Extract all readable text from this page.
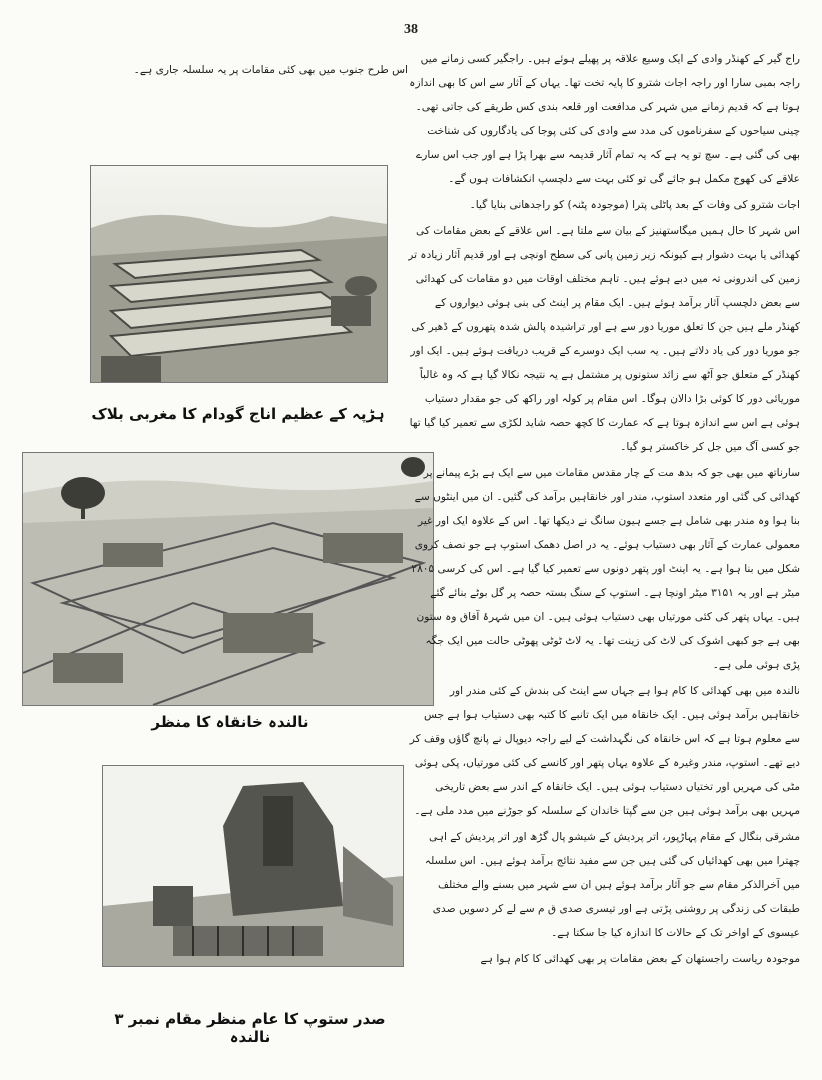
38

اس طرح جنوب میں بھی کئی مقامات پر یہ سلسلہ جاری ہے۔

ہڑپہ کے عظیم اناج گودام کا مغربی بلاک
نالندہ خانقاہ کا منظر
صدر ستوپ کا عام منظر مقام نمبر ۳ نالندہ

راج گیر کے کھنڈر وادی کے ایک وسیع علاقہ پر پھیلے ہوئے ہیں۔ راجگیر کسی زمانے میں راجہ بمبی سارا اور راجہ اجات شترو کا پایہ تخت تھا۔ یہاں کے آثار سے اس کا بھی اندازہ ہوتا ہے کہ قدیم زمانے میں شہر کی مدافعت اور قلعہ بندی کس طریقے کی جاتی تھی۔ چینی سیاحوں کے سفرناموں کی مدد سے وادی کی کئی پوجا کی یادگاروں کی شناخت بھی کی گئی ہے۔ سچ تو یہ ہے کہ یہ تمام آثار قدیمہ سے بھرا پڑا ہے اور جب اس سارے علاقے کی کھوج مکمل ہو جائے گی تو کئی بہت سے دلچسپ انکشافات ہوں گے۔

اجات شترو کی وفات کے بعد پاٹلی پترا (موجودہ پٹنہ) کو راجدھانی بنایا گیا۔

اس شہر کا حال ہمیں میگاستھنیز کے بیان سے ملتا ہے۔ اس علاقے کے بعض مقامات کی کھدائی یا بہت دشوار ہے کیونکہ زیر زمین پانی کی سطح اونچی ہے اور قدیم آثار زیادہ تر زمین کی اندرونی تہ میں دبے ہوئے ہیں۔ تاہم مختلف اوقات میں دو مقامات کی کھدائی سے بعض دلچسپ آثار برآمد ہوئے ہیں۔ ایک مقام پر اینٹ کی بنی ہوئی دیواروں کے کھنڈر ملے ہیں جن کا تعلق موریا دور سے ہے اور تراشیدہ پالش شدہ پتھروں کے ڈھیر کی جو موریا دور کی یاد دلاتے ہیں۔ یہ سب ایک دوسرے کے قریب دریافت ہوئے ہیں۔ ایک اور کھنڈر کے متعلق جو آٹھ سے زائد ستونوں پر مشتمل ہے یہ نتیجہ نکالا گیا ہے کہ وہ غالباً موریائی دور کا کوئی بڑا دالان ہوگا۔ اس مقام پر کولہ اور راکھ کی جو مقدار دستیاب ہوئی ہے اس سے اندازہ ہوتا ہے کہ عمارت کا کچھ حصہ شاید لکڑی سے تعمیر کیا گیا تھا جو کسی آگ میں جل کر خاکستر ہو گیا۔

سارناتھ میں بھی جو کہ بدھ مت کے چار مقدس مقامات میں سے ایک ہے بڑے پیمانے پر کھدائی کی گئی اور متعدد استوپ، مندر اور خانقاہیں برآمد کی گئیں۔ ان میں اینٹوں سے بنا ہوا وہ مندر بھی شامل ہے جسے ہیون سانگ نے دیکھا تھا۔ اس کے علاوہ ایک اور غیر معمولی عمارت کے آثار بھی دستیاب ہوئے۔ یہ در اصل دھمک استوپ ہے جو نصف کروی شکل میں بنا ہوا ہے۔ یہ اینٹ اور پتھر دونوں سے تعمیر کیا گیا ہے۔ اس کی کرسی ۲۸۰۵ میٹر ہے اور یہ ۳۱۵۱ میٹر اونچا ہے۔ استوپ کے سنگ بستہ حصہ پر گل بوٹے بنائے گئے ہیں۔ یہاں پتھر کی کئی مورتیاں بھی دستیاب ہوئی ہیں۔ ان میں شہرۂ آفاق وہ ستون بھی ہے جو کبھی اشوک کی لاٹ کی زینت تھا۔ یہ لاٹ ٹوٹی پھوٹی حالت میں ایک جگہ پڑی ہوئی ملی ہے۔

نالندہ میں بھی کھدائی کا کام ہوا ہے جہاں سے اینٹ کی بندش کے کئی مندر اور خانقاہیں برآمد ہوئی ہیں۔ ایک خانقاہ میں ایک تانبے کا کتبہ بھی دستیاب ہوا ہے جس سے معلوم ہوتا ہے کہ اس خانقاہ کی نگہداشت کے لیے راجہ دیوپال نے پانچ گاؤں وقف کر دیے تھے۔ استوپ، مندر وغیرہ کے علاوہ یہاں پتھر اور کانسے کی کئی مورتیاں، پکی ہوئی مٹی کی مہریں اور تختیاں دستیاب ہوئی ہیں۔ ایک خانقاہ کے اندر سے بعض تاریخی مہریں بھی برآمد ہوئی ہیں جن سے گپتا خاندان کے سلسلہ کو جوڑنے میں مدد ملی ہے۔

مشرقی بنگال کے مقام پہاڑپور، اتر پردیش کے شیشو پال گڑھ اور اتر پردیش کے اہی چھترا میں بھی کھدائیاں کی گئی ہیں جن سے مفید نتائج برآمد ہوئے ہیں۔ اس سلسلہ میں آخرالذکر مقام سے جو آثار برآمد ہوئے ہیں ان سے شہر میں بسنے والے مختلف طبقات کی زندگی پر روشنی پڑتی ہے اور تیسری صدی ق م سے لے کر دسویں صدی عیسوی کے اواخر تک کے حالات کا اندازہ کیا جا سکتا ہے۔

موجودہ ریاست راجستھان کے بعض مقامات پر بھی کھدائی کا کام ہوا ہے
